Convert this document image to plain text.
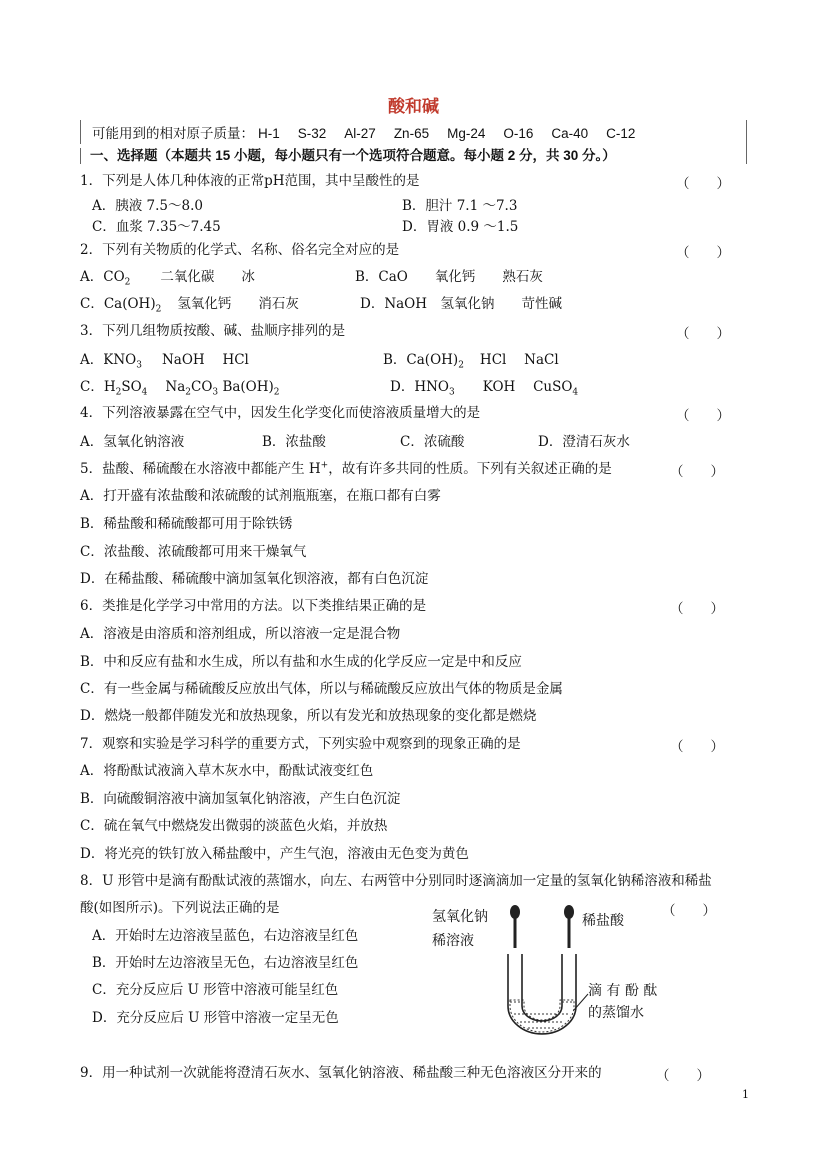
酸和碱
可能用到的相对原子质量： H-1 S-32 Al-27 Zn-65 Mg-24 O-16 Ca-40 C-12
一、选择题（本题共 15 小题，每小题只有一个选项符合题意。每小题 2 分，共 30 分。）
1．下列是人体几种体液的正常pH范围，其中呈酸性的是	（　　）
A．胰液 7.5～8.0	B．胆汁 7.1 ～7.3
C．血浆 7.35～7.45	D．胃液 0.9 ～1.5
2．下列有关物质的化学式、名称、俗名完全对应的是	（　　）
A．$CO_2$ 二氧化碳　　冰	B．CaO　　氧化钙　　熟石灰
C．$Ca(OH)_2$ 氢氧化钙　　消石灰	D．NaOH　氢氧化钠　　苛性碱
3．下列几组物质按酸、碱、盐顺序排列的是	（　　）
A．$KNO_3$ NaOH　 HCl	B．$Ca(OH)_2$ HCl　 NaCl
C．$H_2SO_4$ $Na_2CO_3$ $Ba(OH)_2$	D．$HNO_3$ KOH　 CuSO$_4$
4．下列溶液暴露在空气中，因发生化学变化而使溶液质量增大的是	（　　）
A．氢氧化钠溶液	B．浓盐酸	C．浓硫酸	D．澄清石灰水
5．盐酸、稀硫酸在水溶液中都能产生 H+，故有许多共同的性质。下列有关叙述正确的是	（　　）
A．打开盛有浓盐酸和浓硫酸的试剂瓶瓶塞，在瓶口都有白雾
B．稀盐酸和稀硫酸都可用于除铁锈
C．浓盐酸、浓硫酸都可用来干燥氧气
D．在稀盐酸、稀硫酸中滴加氢氧化钡溶液，都有白色沉淀
6．类推是化学学习中常用的方法。以下类推结果正确的是	（　　）
A．溶液是由溶质和溶剂组成，所以溶液一定是混合物
B．中和反应有盐和水生成，所以有盐和水生成的化学反应一定是中和反应
C．有一些金属与稀硫酸反应放出气体，所以与稀硫酸反应放出气体的物质是金属
D．燃烧一般都伴随发光和放热现象，所以有发光和放热现象的变化都是燃烧
7．观察和实验是学习科学的重要方式，下列实验中观察到的现象正确的是	（　　）
A．将酚酞试液滴入草木灰水中，酚酞试液变红色
B．向硫酸铜溶液中滴加氢氧化钠溶液，产生白色沉淀
C．硫在氧气中燃烧发出微弱的淡蓝色火焰，并放热
D．将光亮的铁钉放入稀盐酸中，产生气泡，溶液由无色变为黄色
8．U 形管中是滴有酚酞试液的蒸馏水，向左、右两管中分别同时逐滴滴加一定量的氢氧化钠稀溶液和稀盐
酸(如图所示)。下列说法正确的是	（　　）
A．开始时左边溶液呈蓝色，右边溶液呈红色
B．开始时左边溶液呈无色，右边溶液呈红色
C．充分反应后 U 形管中溶液可能呈红色
D．充分反应后 U 形管中溶液一定呈无色
氢氧化钠
稀溶液
稀盐酸
滴 有 酚 酞
的蒸馏水
9．用一种试剂一次就能将澄清石灰水、氢氧化钠溶液、稀盐酸三种无色溶液区分开来的	（　　）
1
